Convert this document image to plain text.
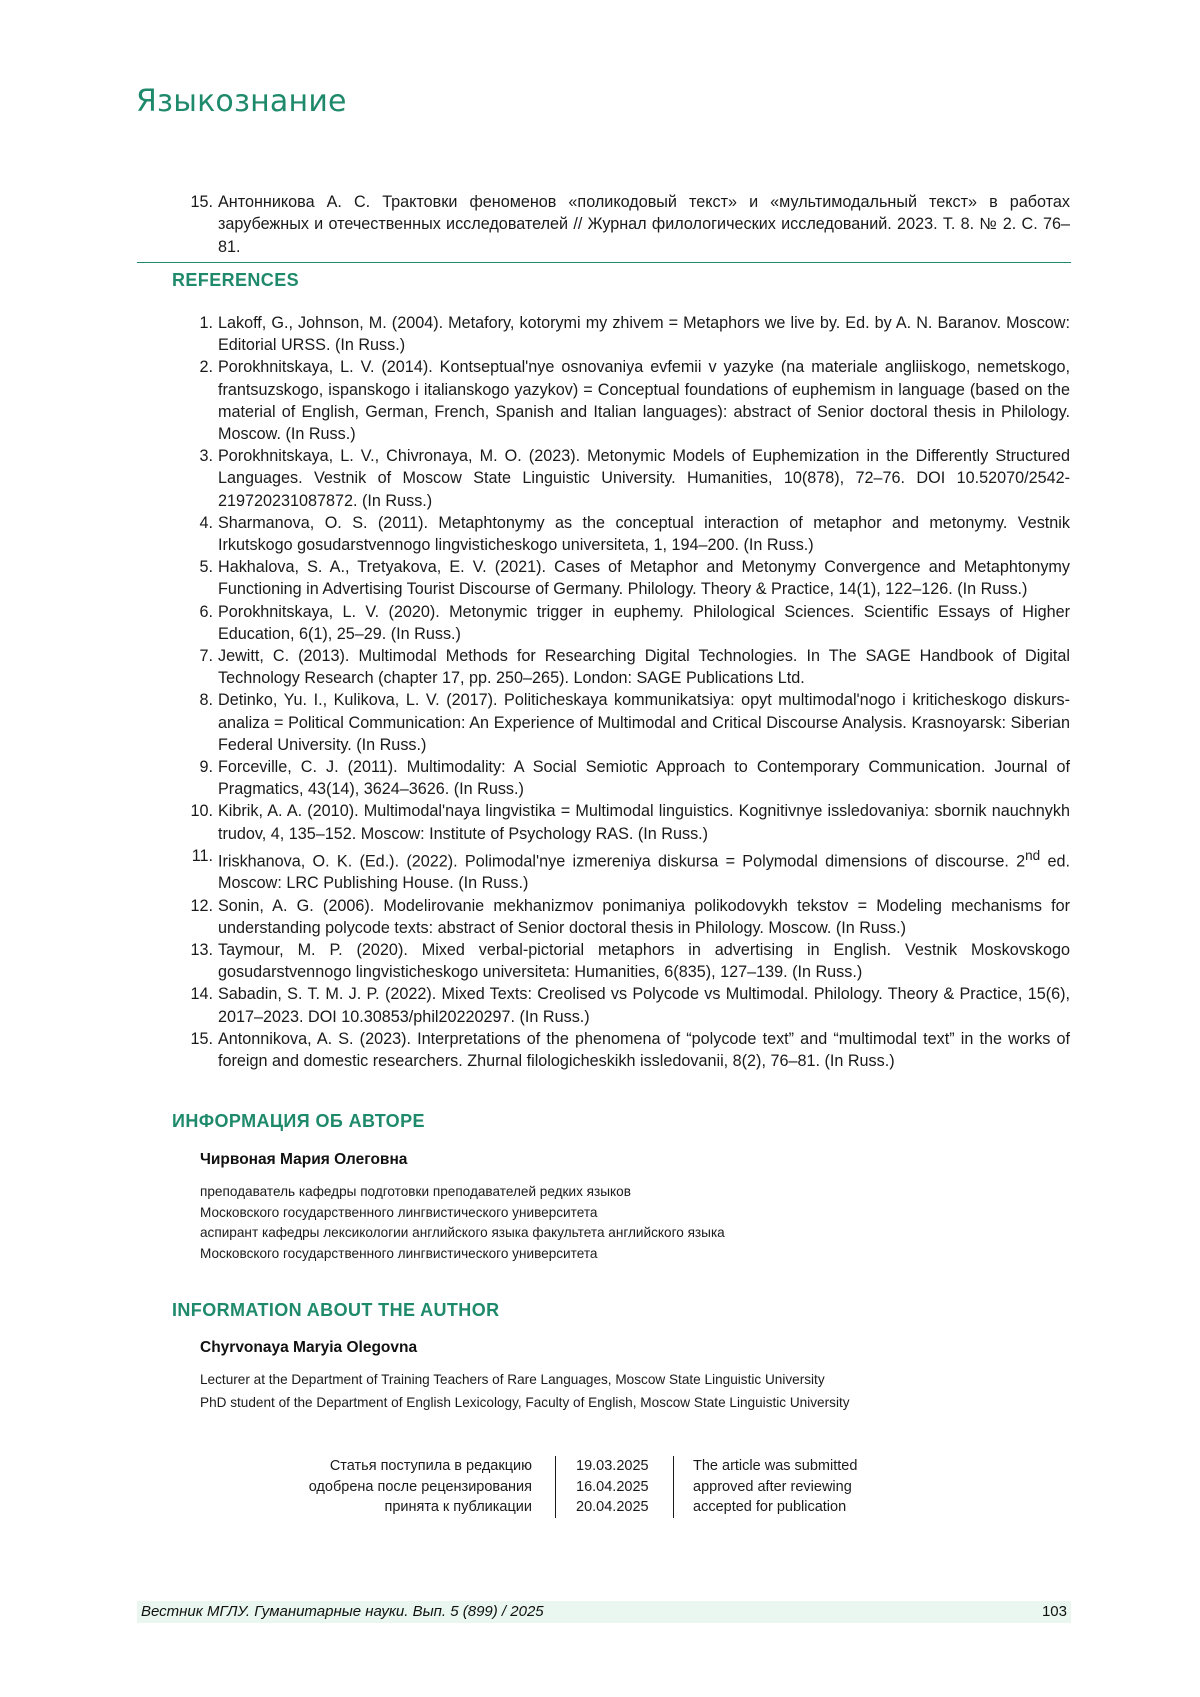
Языкознание
15. Антонникова А. С. Трактовки феноменов «поликодовый текст» и «мультимодальный текст» в работах зарубежных и отечественных исследователей // Журнал филологических исследований. 2023. Т. 8. № 2. С. 76–81.
REFERENCES
1. Lakoff, G., Johnson, M. (2004). Metafory, kotorymi my zhivem = Metaphors we live by. Ed. by A. N. Baranov. Moscow: Editorial URSS. (In Russ.)
2. Porokhnitskaya, L. V. (2014). Kontseptual'nye osnovaniya evfemii v yazyke (na materiale angliiskogo, nemetskogo, frantsuzskogo, ispanskogo i italianskogo yazykov) = Conceptual foundations of euphemism in language (based on the material of English, German, French, Spanish and Italian languages): abstract of Senior doctoral thesis in Philology. Moscow. (In Russ.)
3. Porokhnitskaya, L. V., Chivronaya, M. O. (2023). Metonymic Models of Euphemization in the Differently Structured Languages. Vestnik of Moscow State Linguistic University. Humanities, 10(878), 72–76. DOI 10.52070/2542-219720231087872. (In Russ.)
4. Sharmanova, O. S. (2011). Metaphtonymy as the conceptual interaction of metaphor and metonymy. Vestnik Irkutskogo gosudarstvennogo lingvisticheskogo universiteta, 1, 194–200. (In Russ.)
5. Hakhalova, S. A., Tretyakova, E. V. (2021). Cases of Metaphor and Metonymy Convergence and Metaphtonymy Functioning in Advertising Tourist Discourse of Germany. Philology. Theory & Practice, 14(1), 122–126. (In Russ.)
6. Porokhnitskaya, L. V. (2020). Metonymic trigger in euphemy. Philological Sciences. Scientific Essays of Higher Education, 6(1), 25–29. (In Russ.)
7. Jewitt, C. (2013). Multimodal Methods for Researching Digital Technologies. In The SAGE Handbook of Digital Technology Research (chapter 17, pp. 250–265). London: SAGE Publications Ltd.
8. Detinko, Yu. I., Kulikova, L. V. (2017). Politicheskaya kommunikatsiya: opyt multimodal'nogo i kriticheskogo diskurs-analiza = Political Communication: An Experience of Multimodal and Critical Discourse Analysis. Krasnoyarsk: Siberian Federal University. (In Russ.)
9. Forceville, C. J. (2011). Multimodality: A Social Semiotic Approach to Contemporary Communication. Journal of Pragmatics, 43(14), 3624–3626. (In Russ.)
10. Kibrik, A. A. (2010). Multimodal'naya lingvistika = Multimodal linguistics. Kognitivnye issledovaniya: sbornik nauchnykh trudov, 4, 135–152. Moscow: Institute of Psychology RAS. (In Russ.)
11. Iriskhanova, O. K. (Ed.). (2022). Polimodal'nye izmereniya diskursa = Polymodal dimensions of discourse. 2nd ed. Moscow: LRC Publishing House. (In Russ.)
12. Sonin, A. G. (2006). Modelirovanie mekhanizmov ponimaniya polikodovykh tekstov = Modeling mechanisms for understanding polycode texts: abstract of Senior doctoral thesis in Philology. Moscow. (In Russ.)
13. Taymour, M. P. (2020). Mixed verbal-pictorial metaphors in advertising in English. Vestnik Moskovskogo gosudarstvennogo lingvisticheskogo universiteta: Humanities, 6(835), 127–139. (In Russ.)
14. Sabadin, S. T. M. J. P. (2022). Mixed Texts: Creolised vs Polycode vs Multimodal. Philology. Theory & Practice, 15(6), 2017–2023. DOI 10.30853/phil20220297. (In Russ.)
15. Antonnikova, A. S. (2023). Interpretations of the phenomena of “polycode text” and “multimodal text” in the works of foreign and domestic researchers. Zhurnal filologicheskikh issledovanii, 8(2), 76–81. (In Russ.)
ИНФОРМАЦИЯ ОБ АВТОРЕ
Чирвоная Мария Олеговна
преподаватель кафедры подготовки преподавателей редких языков
Московского государственного лингвистического университета
аспирант кафедры лексикологии английского языка факультета английского языка
Московского государственного лингвистического университета
INFORMATION ABOUT THE AUTHOR
Chyrvonaya Maryia Olegovna
Lecturer at the Department of Training Teachers of Rare Languages, Moscow State Linguistic University
PhD student of the Department of English Lexicology, Faculty of English, Moscow State Linguistic University
Статья поступила в редакцию
одобрена после рецензирования
принята к публикации
19.03.2025
16.04.2025
20.04.2025
The article was submitted
approved after reviewing
accepted for publication
Вестник МГЛУ. Гуманитарные науки. Вып. 5 (899) / 2025	103
